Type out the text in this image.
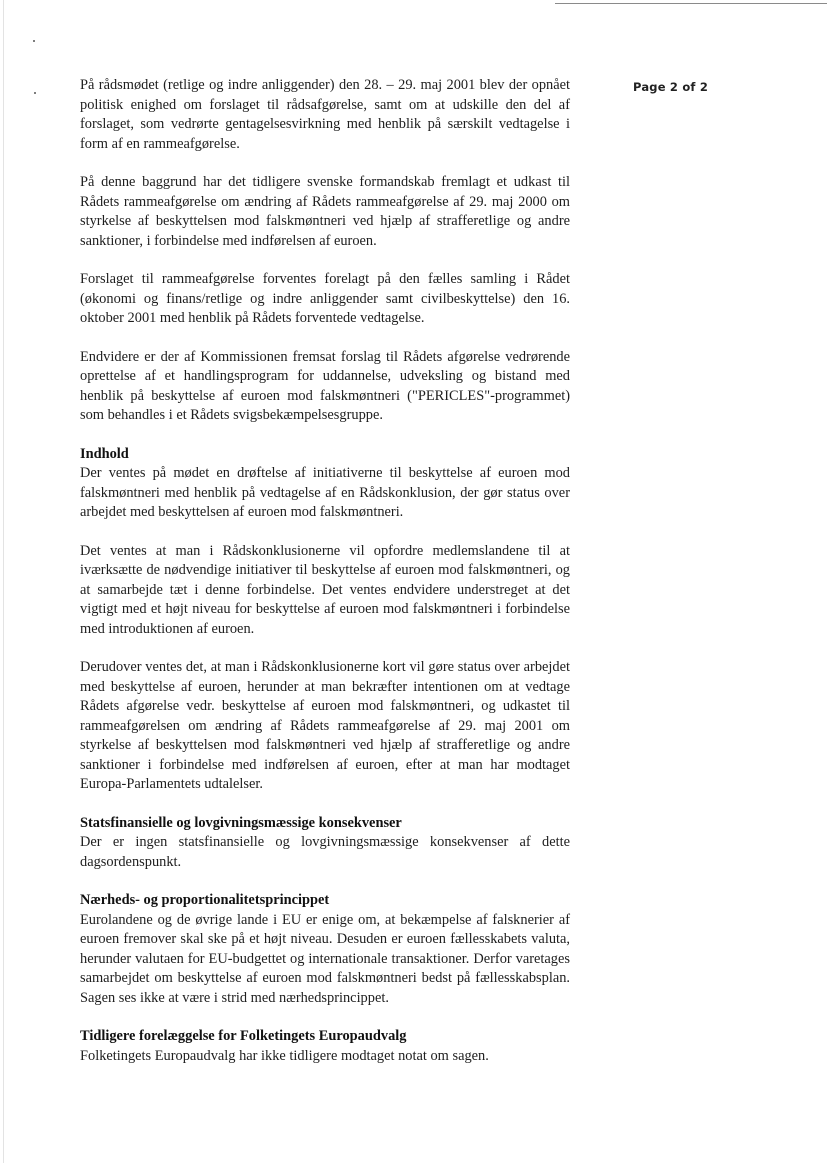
Page 2 of 2

På rådsmødet (retlige og indre anliggender) den 28. – 29. maj 2001 blev der opnået politisk enighed om forslaget til rådsafgørelse, samt om at udskille den del af forslaget, som vedrørte gentagelsesvirkning med henblik på særskilt vedtagelse i form af en rammeafgørelse.

På denne baggrund har det tidligere svenske formandskab fremlagt et udkast til Rådets rammeafgørelse om ændring af Rådets rammeafgørelse af 29. maj 2000 om styrkelse af beskyttelsen mod falskmøntneri ved hjælp af strafferetlige og andre sanktioner, i forbindelse med indførelsen af euroen.

Forslaget til rammeafgørelse forventes forelagt på den fælles samling i Rådet (økonomi og finans/retlige og indre anliggender samt civilbeskyttelse) den 16. oktober 2001 med henblik på Rådets forventede vedtagelse.

Endvidere er der af Kommissionen fremsat forslag til Rådets afgørelse vedrørende oprettelse af et handlingsprogram for uddannelse, udveksling og bistand med henblik på beskyttelse af euroen mod falskmøntneri ("PERICLES"-programmet) som behandles i et Rådets svigsbekæmpelsesgruppe.

Indhold

Der ventes på mødet en drøftelse af initiativerne til beskyttelse af euroen mod falskmøntneri med henblik på vedtagelse af en Rådskonklusion, der gør status over arbejdet med beskyttelsen af euroen mod falskmøntneri.

Det ventes at man i Rådskonklusionerne vil opfordre medlemslandene til at iværksætte de nødvendige initiativer til beskyttelse af euroen mod falskmøntneri, og at samarbejde tæt i denne forbindelse. Det ventes endvidere understreget at det vigtigt med et højt niveau for beskyttelse af euroen mod falskmøntneri i forbindelse med introduktionen af euroen.

Derudover ventes det, at man i Rådskonklusionerne kort vil gøre status over arbejdet med beskyttelse af euroen, herunder at man bekræfter intentionen om at vedtage Rådets afgørelse vedr. beskyttelse af euroen mod falskmøntneri, og udkastet til rammeafgørelsen om ændring af Rådets rammeafgørelse af 29. maj 2001 om styrkelse af beskyttelsen mod falskmøntneri ved hjælp af strafferetlige og andre sanktioner i forbindelse med indførelsen af euroen, efter at man har modtaget Europa-Parlamentets udtalelser.

Statsfinansielle og lovgivningsmæssige konsekvenser

Der er ingen statsfinansielle og lovgivningsmæssige konsekvenser af dette dagsordenspunkt.

Nærheds- og proportionalitetsprincippet

Eurolandene og de øvrige lande i EU er enige om, at bekæmpelse af falsknerier af euroen fremover skal ske på et højt niveau. Desuden er euroen fællesskabets valuta, herunder valutaen for EU-budgettet og internationale transaktioner. Derfor varetages samarbejdet om beskyttelse af euroen mod falskmøntneri bedst på fællesskabsplan. Sagen ses ikke at være i strid med nærhedsprincippet.

Tidligere forelæggelse for Folketingets Europaudvalg

Folketingets Europaudvalg har ikke tidligere modtaget notat om sagen.
